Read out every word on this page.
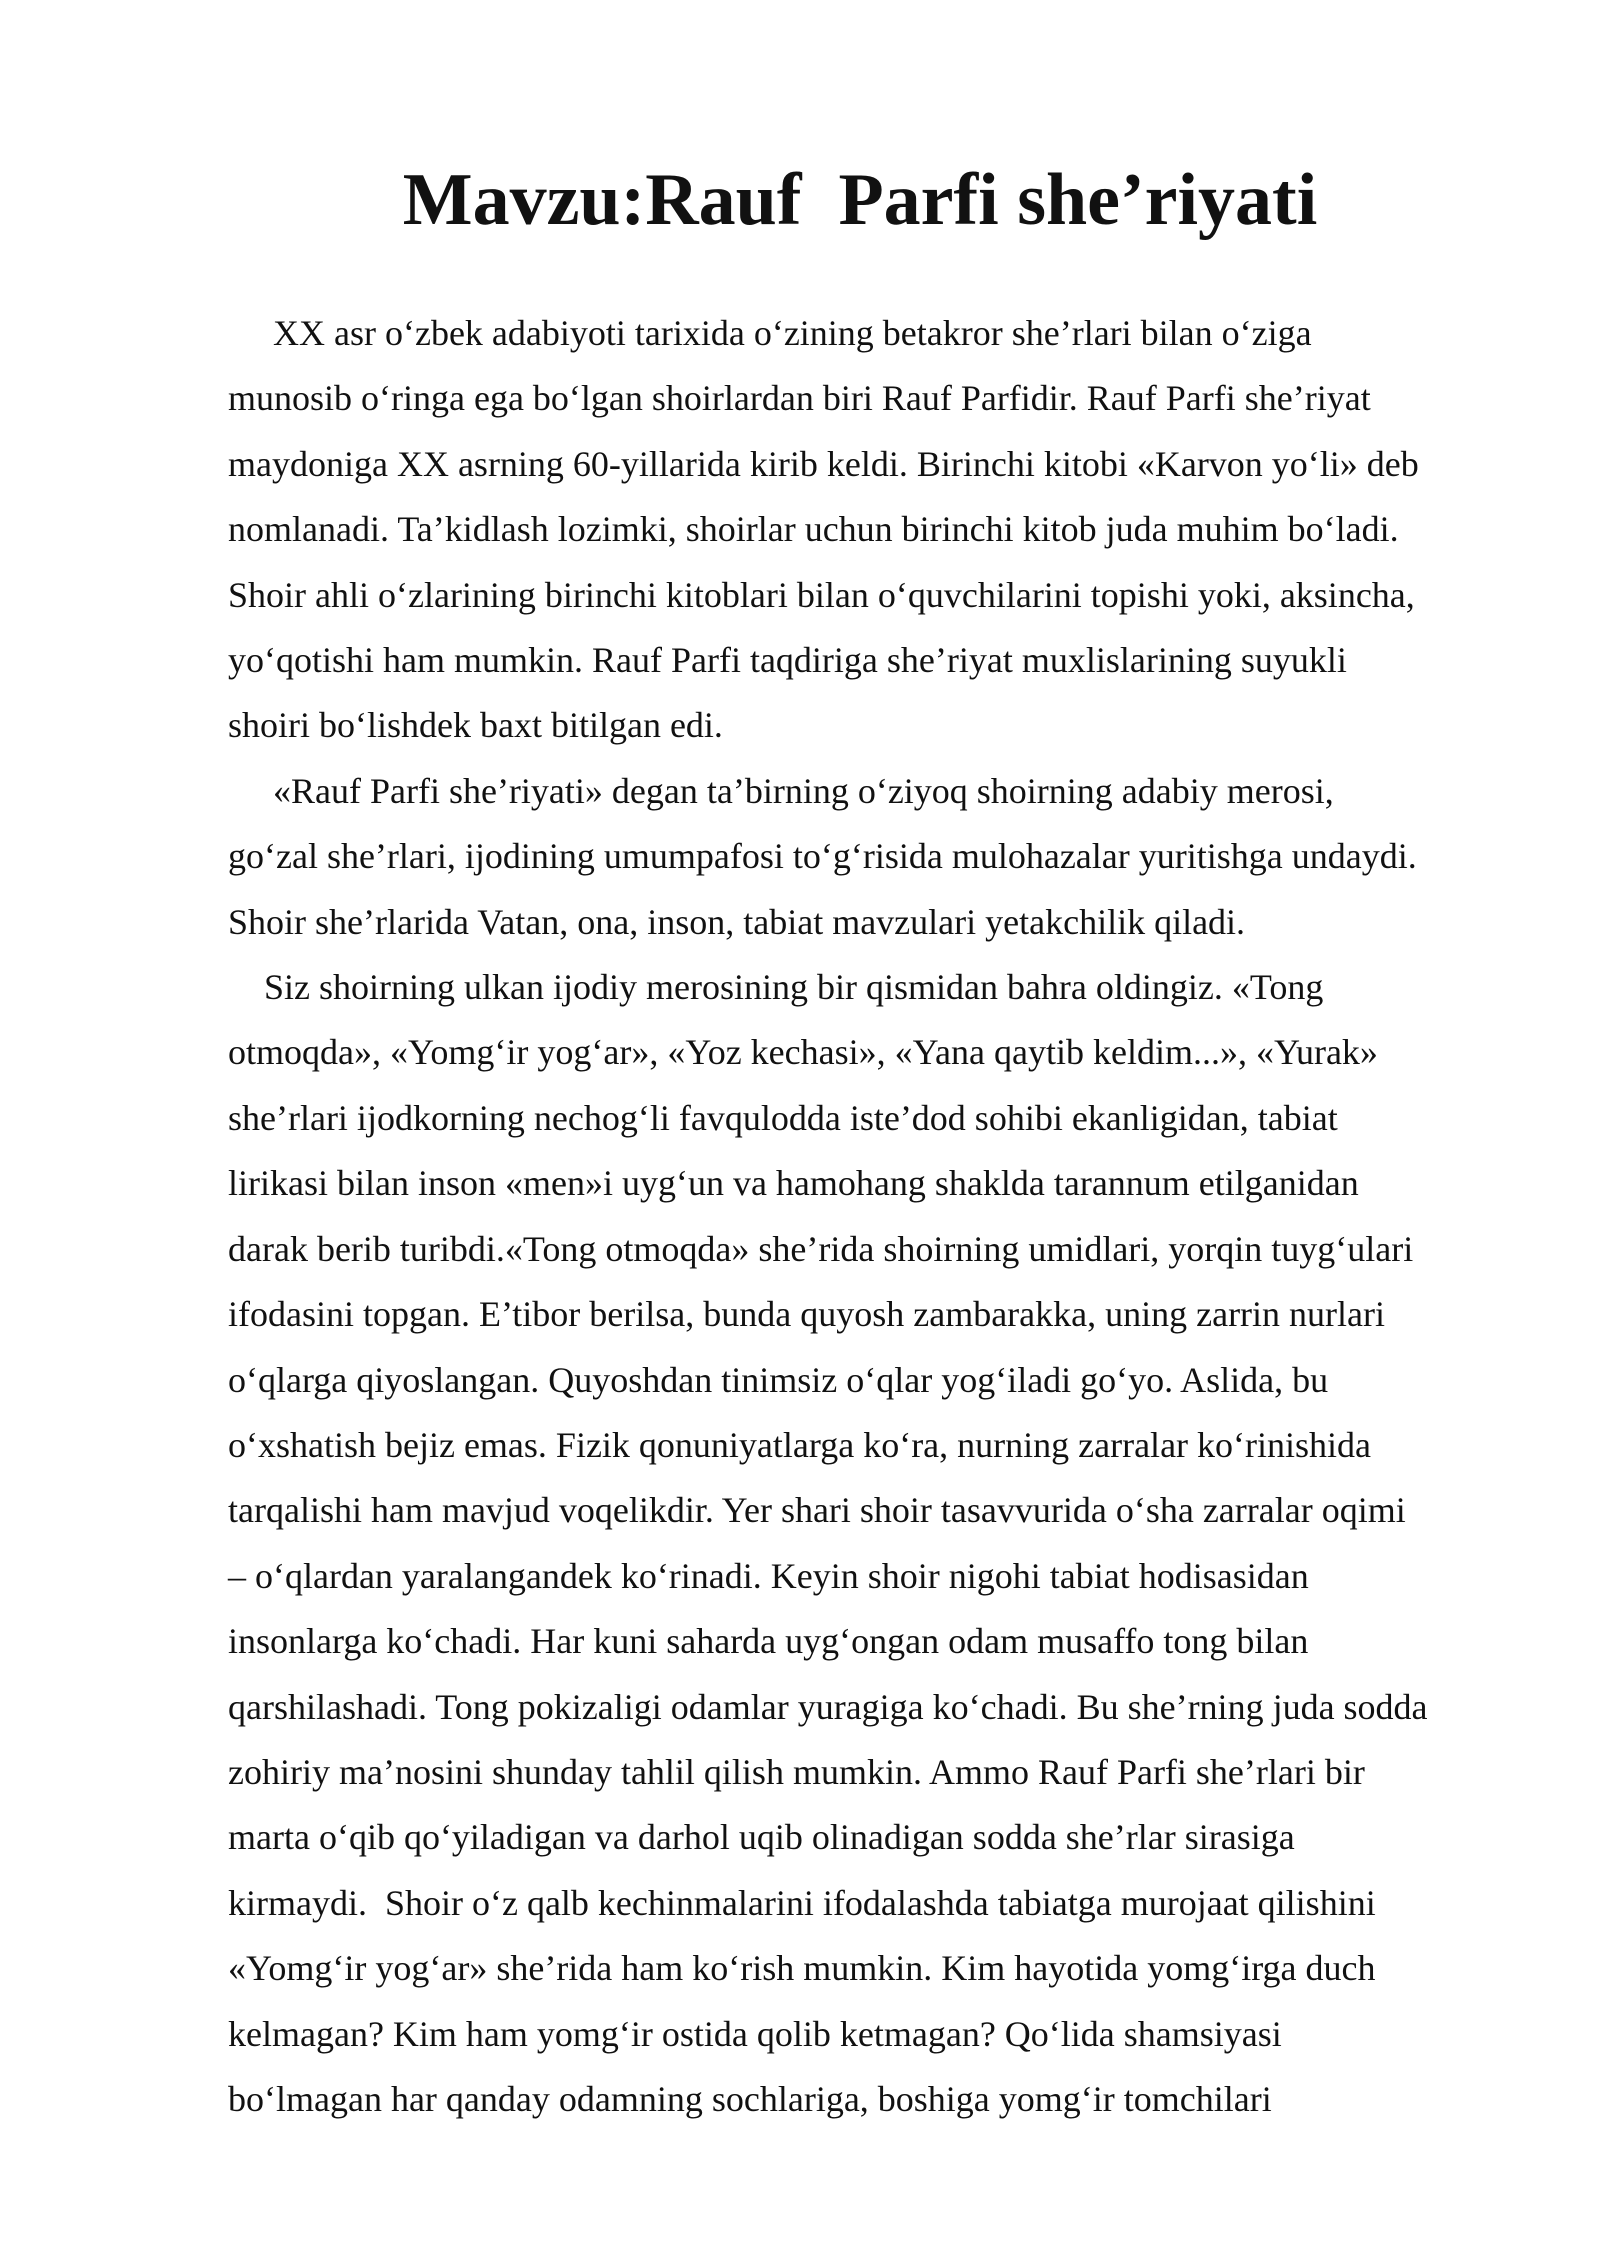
Mavzu:Rauf  Parfi she’riyati

XX asr o‘zbek adabiyoti tarixida o‘zining betakror she’rlari bilan o‘ziga

munosib o‘ringa ega bo‘lgan shoirlardan biri Rauf Parfidir. Rauf Parfi she’riyat

maydoniga XX asrning 60-yillarida kirib keldi. Birinchi kitobi «Karvon yo‘li» deb

nomlanadi. Ta’kidlash lozimki, shoirlar uchun birinchi kitob juda muhim bo‘ladi.

Shoir ahli o‘zlarining birinchi kitoblari bilan o‘quvchilarini topishi yoki, aksincha,

yo‘qotishi ham mumkin. Rauf Parfi taqdiriga she’riyat muxlislarining suyukli

shoiri bo‘lishdek baxt bitilgan edi.

«Rauf Parfi she’riyati» degan ta’birning o‘ziyoq shoirning adabiy merosi,

go‘zal she’rlari, ijodining umumpafosi to‘g‘risida mulohazalar yuritishga undaydi.

Shoir she’rlarida Vatan, ona, inson, tabiat mavzulari yetakchilik qiladi.

Siz shoirning ulkan ijodiy merosining bir qismidan bahra oldingiz. «Tong

otmoqda», «Yomg‘ir yog‘ar», «Yoz kechasi», «Yana qaytib keldim...», «Yurak»

she’rlari ijodkorning nechog‘li favqulodda iste’dod sohibi ekanligidan, tabiat

lirikasi bilan inson «men»i uyg‘un va hamohang shaklda tarannum etilganidan

darak berib turibdi.«Tong otmoqda» she’rida shoirning umidlari, yorqin tuyg‘ulari

ifodasini topgan. E’tibor berilsa, bunda quyosh zambarakka, uning zarrin nurlari

o‘qlarga qiyoslangan. Quyoshdan tinimsiz o‘qlar yog‘iladi go‘yo. Aslida, bu

o‘xshatish bejiz emas. Fizik qonuniyatlarga ko‘ra, nurning zarralar ko‘rinishida

tarqalishi ham mavjud voqelikdir. Yer shari shoir tasavvurida o‘sha zarralar oqimi

– o‘qlardan yaralangandek ko‘rinadi. Keyin shoir nigohi tabiat hodisasidan

insonlarga ko‘chadi. Har kuni saharda uyg‘ongan odam musaffo tong bilan

qarshilashadi. Tong pokizaligi odamlar yuragiga ko‘chadi. Bu she’rning juda sodda

zohiriy ma’nosini shunday tahlil qilish mumkin. Ammo Rauf Parfi she’rlari bir

marta o‘qib qo‘yiladigan va darhol uqib olinadigan sodda she’rlar sirasiga

kirmaydi.  Shoir o‘z qalb kechinmalarini ifodalashda tabiatga murojaat qilishini

«Yomg‘ir yog‘ar» she’rida ham ko‘rish mumkin. Kim hayotida yomg‘irga duch

kelmagan? Kim ham yomg‘ir ostida qolib ketmagan? Qo‘lida shamsiyasi

bo‘lmagan har qanday odamning sochlariga, boshiga yomg‘ir tomchilari
